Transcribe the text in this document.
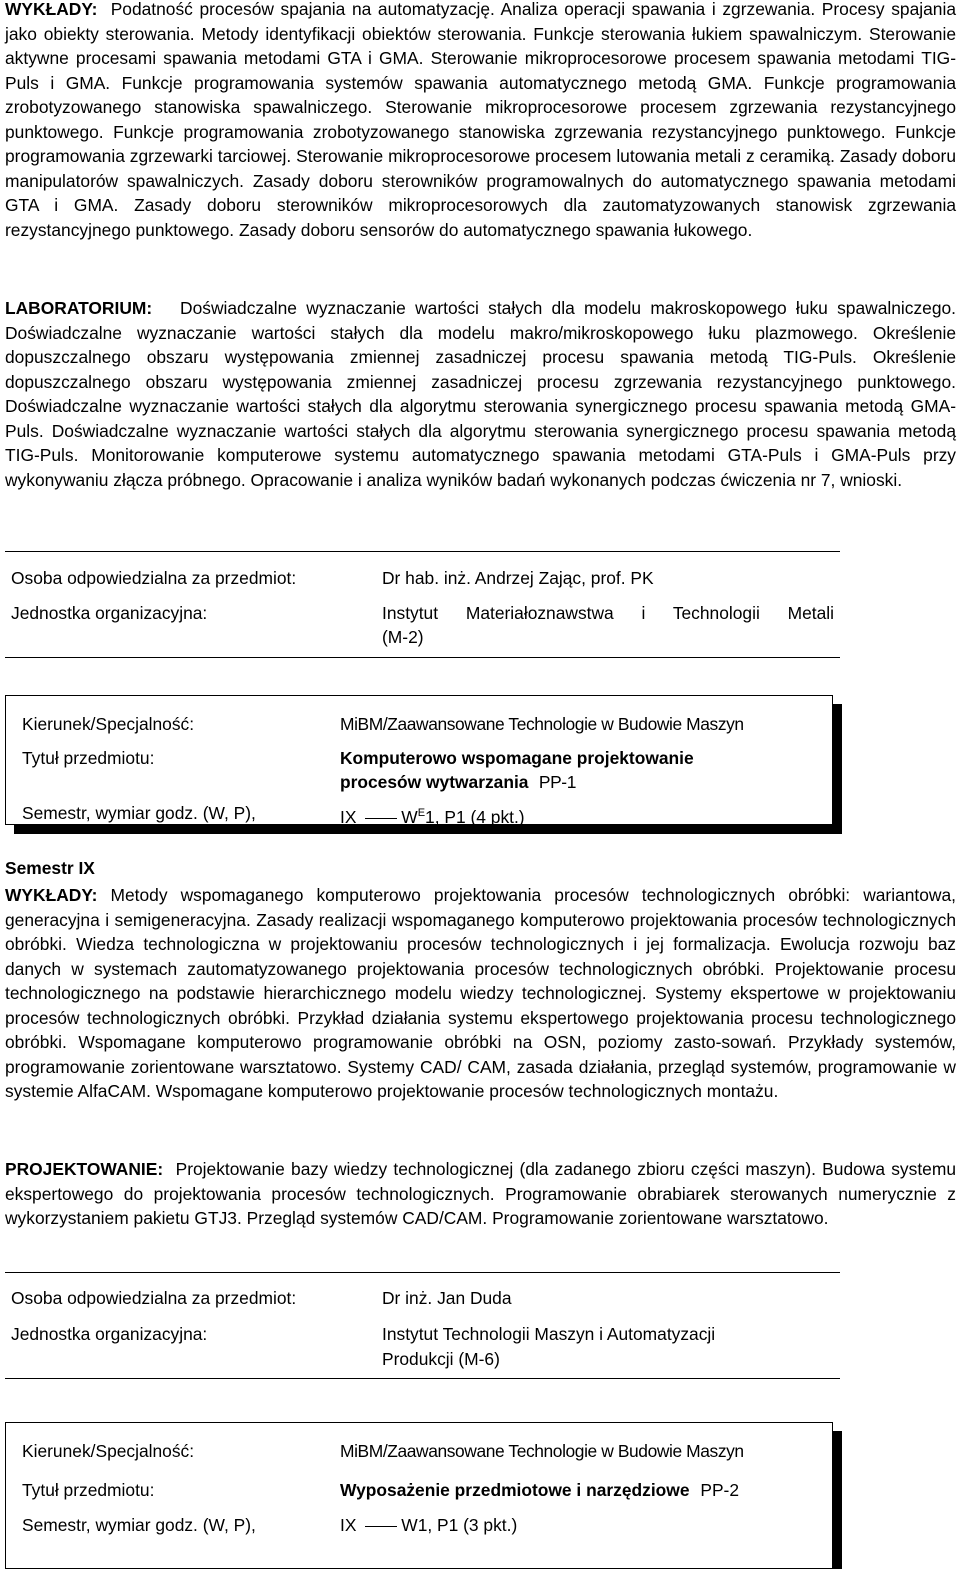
WYKŁADY: Podatność procesów spajania na automatyzację. Analiza operacji spawania i zgrzewania. Procesy spajania jako obiekty sterowania. Metody identyfikacji obiektów sterowania. Funkcje sterowania łukiem spawalniczym. Sterowanie aktywne procesami spawania metodami GTA i GMA. Sterowanie mikroprocesorowe procesem spawania metodami TIG-Puls i GMA. Funkcje programowania systemów spawania automatycznego metodą GMA. Funkcje programowania zrobotyzowanego stanowiska spawalniczego. Sterowanie mikroprocesorowe procesem zgrzewania rezystancyjnego punktowego. Funkcje programowania zrobotyzowanego stanowiska zgrzewania rezystancyjnego punktowego. Funkcje programowania zgrzewarki tarciowej. Sterowanie mikroprocesorowe procesem lutowania metali z ceramiką. Zasady doboru manipulatorów spawalniczych. Zasady doboru sterowników programowalnych do automatycznego spawania metodami GTA i GMA. Zasady doboru sterowników mikroprocesorowych dla zautomatyzowanych stanowisk zgrzewania rezystancyjnego punktowego. Zasady doboru sensorów do automatycznego spawania łukowego.

LABORATORIUM: Doświadczalne wyznaczanie wartości stałych dla modelu makroskopowego łuku spawalniczego. Doświadczalne wyznaczanie wartości stałych dla modelu makro/mikroskopowego łuku plazmowego. Określenie dopuszczalnego obszaru występowania zmiennej zasadniczej procesu spawania metodą TIG-Puls. Określenie dopuszczalnego obszaru występowania zmiennej zasadniczej procesu zgrzewania rezystancyjnego punktowego. Doświadczalne wyznaczanie wartości stałych dla algorytmu sterowania synergicznego procesu spawania metodą GMA-Puls. Doświadczalne wyznaczanie wartości stałych dla algorytmu sterowania synergicznego procesu spawania metodą TIG-Puls. Monitorowanie komputerowe systemu automatycznego spawania metodami GTA-Puls i GMA-Puls przy wykonywaniu złącza próbnego. Opracowanie i analiza wyników badań wykonanych podczas ćwiczenia nr 7, wnioski.

Osoba odpowiedzialna za przedmiot:	Dr hab. inż. Andrzej Zając, prof. PK
Jednostka organizacyjna:	Instytut Materiałoznawstwa i Technologii Metali
(M-2)
Kierunek/Specjalność:	MiBM/Zaawansowane Technologie w Budowie Maszyn
Tytuł przedmiotu:	Komputerowo wspomagane projektowanie
procesów wytwarzania PP-1
Semestr, wymiar godz. (W, P),	IX	$W^E1$, P1 (4 pkt.)
Semestr IX

WYKŁADY: Metody wspomaganego komputerowo projektowania procesów technologicznych obróbki: wariantowa, generacyjna i semigeneracyjna. Zasady realizacji wspomaganego komputerowo projektowania procesów technologicznych obróbki. Wiedza technologiczna w projektowaniu procesów technologicznych i jej formalizacja. Ewolucja rozwoju baz danych w systemach zautomatyzowanego projektowania procesów technologicznych obróbki. Projektowanie procesu technologicznego na podstawie hierarchicznego modelu wiedzy technologicznej. Systemy ekspertowe w projektowaniu procesów technologicznych obróbki. Przykład działania systemu ekspertowego projektowania procesu technologicznego obróbki. Wspomagane komputerowo programowanie obróbki na OSN, poziomy zasto-sowań. Przykłady systemów, programowanie zorientowane warsztatowo. Systemy CAD/ CAM, zasada działania, przegląd systemów, programowanie w systemie AlfaCAM. Wspomagane komputerowo projektowanie procesów technologicznych montażu.

PROJEKTOWANIE: Projektowanie bazy wiedzy technologicznej (dla zadanego zbioru części maszyn). Budowa systemu ekspertowego do projektowania procesów technologicznych. Programowanie obrabiarek sterowanych numerycznie z wykorzystaniem pakietu GTJ3. Przegląd systemów CAD/CAM. Programowanie zorientowane warsztatowo.

Osoba odpowiedzialna za przedmiot:	Dr inż. Jan Duda
Jednostka organizacyjna:	Instytut Technologii Maszyn i Automatyzacji
Produkcji (M-6)
Kierunek/Specjalność:	MiBM/Zaawansowane Technologie w Budowie Maszyn
Tytuł przedmiotu:	Wyposażenie przedmiotowe i narzędziowe PP-2
Semestr, wymiar godz. (W, P),	IX	W1, P1 (3 pkt.)
